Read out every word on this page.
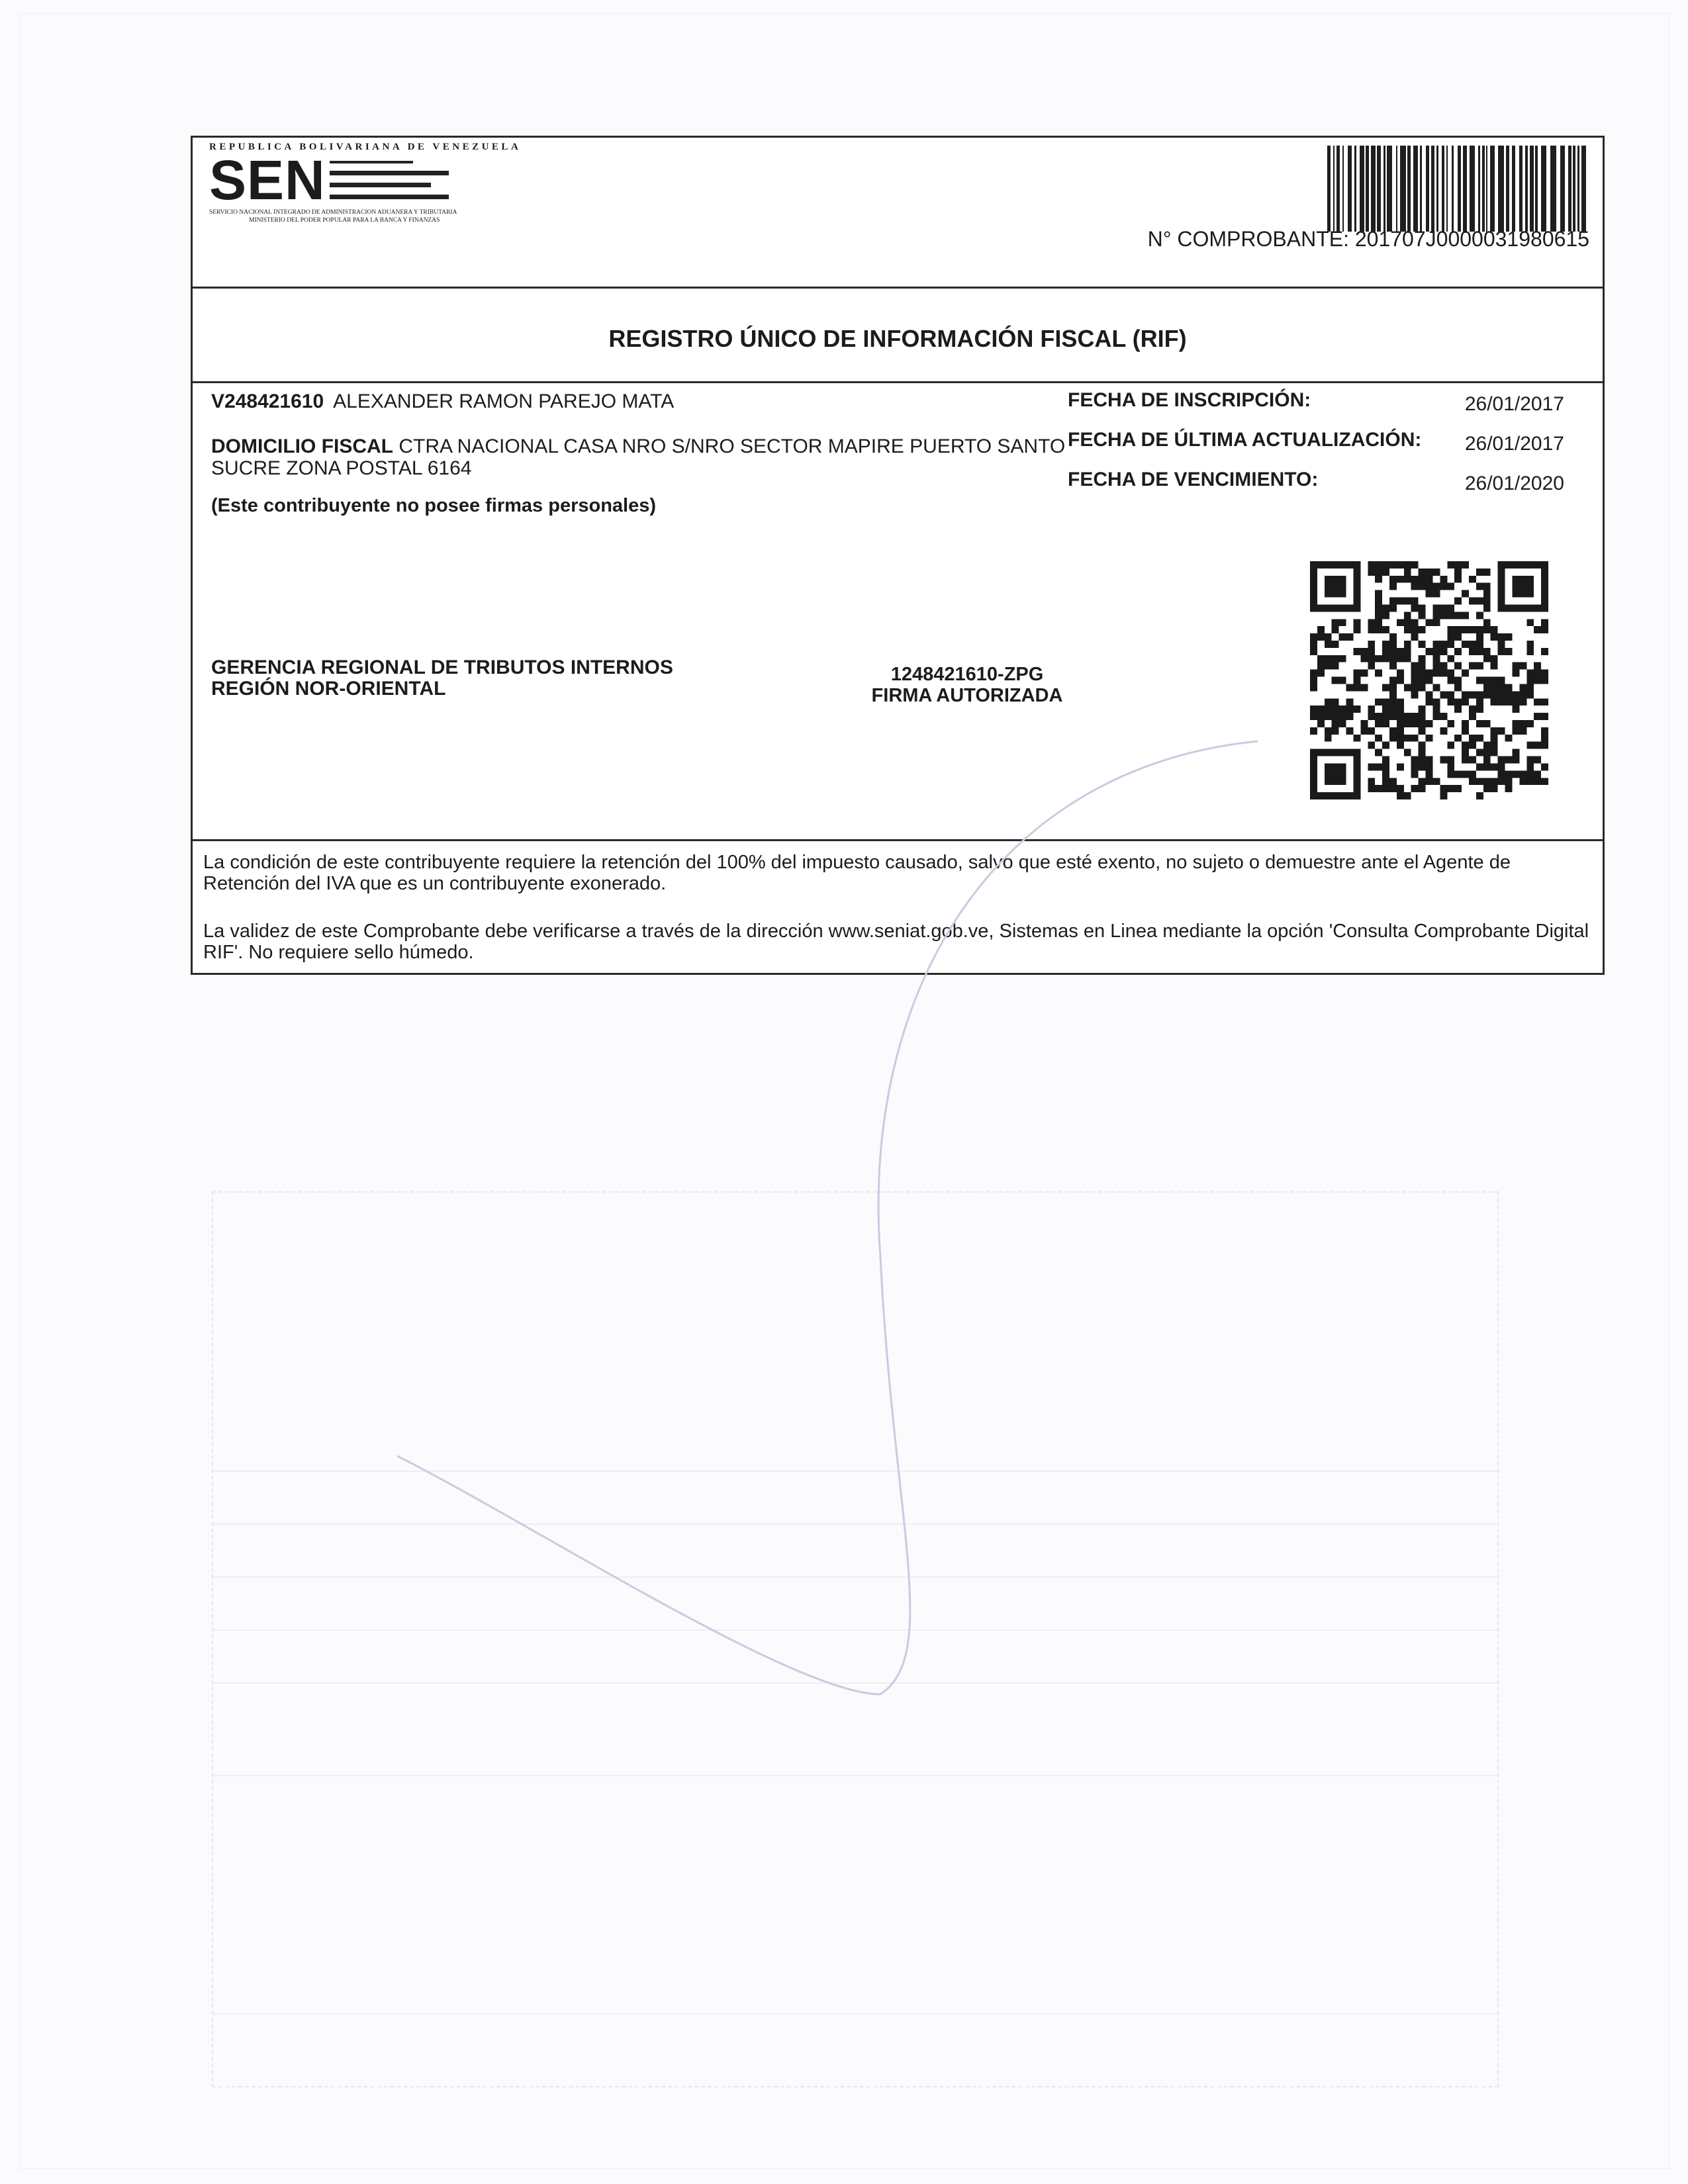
REPUBLICA BOLIVARIANA DE VENEZUELA
SEN
SERVICIO NACIONAL INTEGRADO DE ADMINISTRACION ADUANERA Y TRIBUTARIA
MINISTERIO DEL PODER POPULAR PARA LA BANCA Y FINANZAS
N° COMPROBANTE: 201707J0000031980615
REGISTRO ÚNICO DE INFORMACIÓN FISCAL (RIF)
V248421610 ALEXANDER RAMON PAREJO MATA
DOMICILIO FISCAL CTRA NACIONAL CASA NRO S/NRO SECTOR MAPIRE PUERTO SANTO SUCRE ZONA POSTAL 6164
(Este contribuyente no posee firmas personales)
FECHA DE INSCRIPCIÓN:	26/01/2017
FECHA DE ÚLTIMA ACTUALIZACIÓN: 26/01/2017
FECHA DE VENCIMIENTO:	26/01/2020
GERENCIA REGIONAL DE TRIBUTOS INTERNOS
REGIÓN NOR-ORIENTAL
1248421610-ZPG
FIRMA AUTORIZADA
La condición de este contribuyente requiere la retención del 100% del impuesto causado, salvo que esté exento, no sujeto o demuestre ante el Agente de Retención del IVA que es un contribuyente exonerado.
La validez de este Comprobante debe verificarse a través de la dirección www.seniat.gob.ve, Sistemas en Linea mediante la opción 'Consulta Comprobante Digital RIF'. No requiere sello húmedo.
